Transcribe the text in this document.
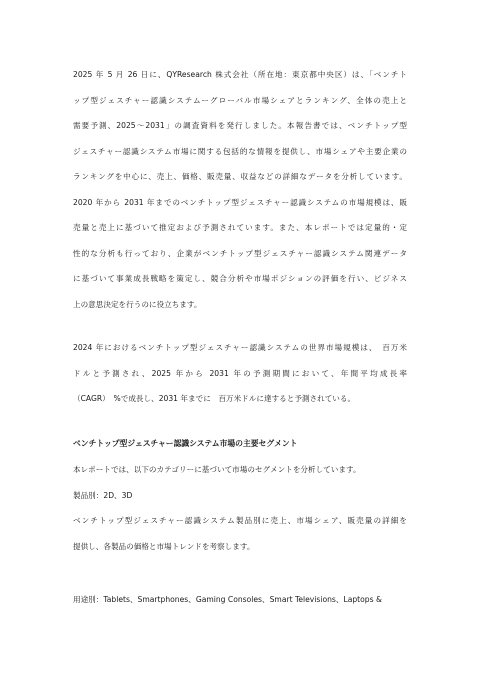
2025 年 5 月 26 日に、QYResearch 株式会社（所在地：東京都中央区）は、「ベンチト

ップ型ジェスチャー認識システムーグローバル市場シェアとランキング、全体の売上と

需要予測、2025～2031」の調査資料を発行しました。本報告書では、ベンチトップ型

ジェスチャー認識システム市場に関する包括的な情報を提供し、市場シェアや主要企業の

ランキングを中心に、売上、価格、販売量、収益などの詳細なデータを分析しています。

2020 年から 2031 年までのベンチトップ型ジェスチャー認識システムの市場規模は、販

売量と売上に基づいて推定および予測されています。また、本レポートでは定量的・定

性的な分析も行っており、企業がベンチトップ型ジェスチャー認識システム関連データ

に基づいて事業成長戦略を策定し、競合分析や市場ポジションの評価を行い、ビジネス

上の意思決定を行うのに役立ちます。

2024 年におけるベンチトップ型ジェスチャー認識システムの世界市場規模は、　百万米

ドルと予測され、2025 年から 2031 年の予測期間において、年間平均成長率

（CAGR）　%で成長し、2031 年までに　百万米ドルに達すると予測されている。

ベンチトップ型ジェスチャー認識システム市場の主要セグメント
本レポートでは、以下のカテゴリーに基づいて市場のセグメントを分析しています。
製品別：2D、3D

ベンチトップ型ジェスチャー認識システム製品別に売上、市場シェア、販売量の詳細を

提供し、各製品の価格と市場トレンドを考察します。

用途別：Tablets、Smartphones、Gaming Consoles、Smart Televisions、Laptops &
